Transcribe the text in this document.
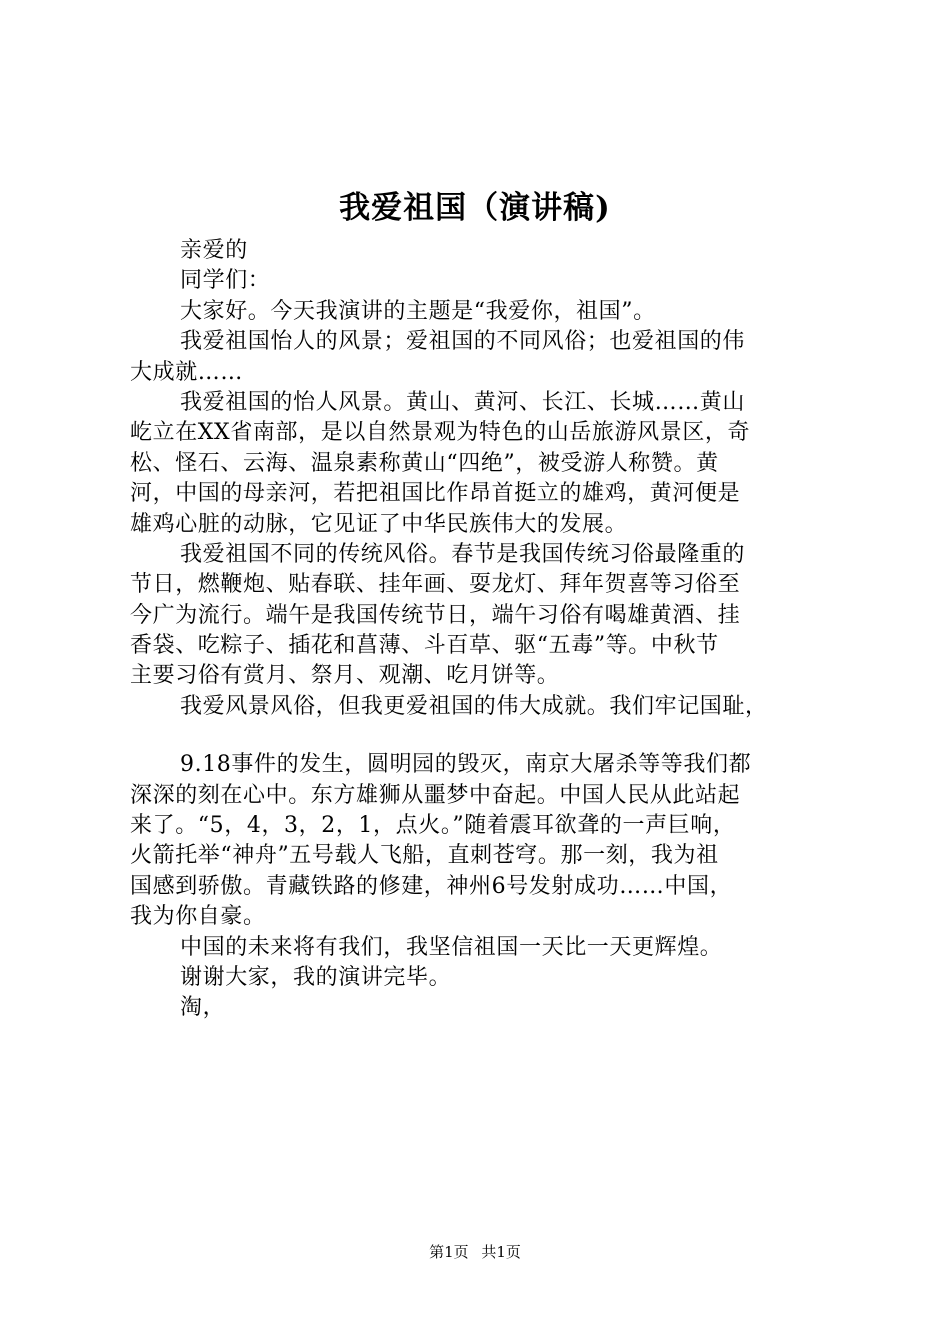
我爱祖国（演讲稿)
亲爱的
同学们：
大家好。今天我演讲的主题是“我爱你，祖国”。
我爱祖国怡人的风景；爱祖国的不同风俗；也爱祖国的伟
大成就……
我爱祖国的怡人风景。黄山、黄河、长江、长城……黄山
屹立在XX省南部，是以自然景观为特色的山岳旅游风景区，奇
松、怪石、云海、温泉素称黄山“四绝”，被受游人称赞。黄
河，中国的母亲河，若把祖国比作昂首挺立的雄鸡，黄河便是
雄鸡心脏的动脉，它见证了中华民族伟大的发展。
我爱祖国不同的传统风俗。春节是我国传统习俗最隆重的
节日，燃鞭炮、贴春联、挂年画、耍龙灯、拜年贺喜等习俗至
今广为流行。端午是我国传统节日，端午习俗有喝雄黄酒、挂
香袋、吃粽子、插花和菖薄、斗百草、驱“五毒”等。中秋节
主要习俗有赏月、祭月、观潮、吃月饼等。
我爱风景风俗，但我更爱祖国的伟大成就。我们牢记国耻，
9.18事件的发生，圆明园的毁灭，南京大屠杀等等我们都
深深的刻在心中。东方雄狮从噩梦中奋起。中国人民从此站起
来了。“5，4，3，2，1，点火。”随着震耳欲聋的一声巨响，
火箭托举“神舟”五号载人飞船，直刺苍穹。那一刻，我为祖
国感到骄傲。青藏铁路的修建，神州6号发射成功……中国，
我为你自豪。
中国的未来将有我们，我坚信祖国一天比一天更辉煌。
谢谢大家，我的演讲完毕。
淘，
第1页 共1页
